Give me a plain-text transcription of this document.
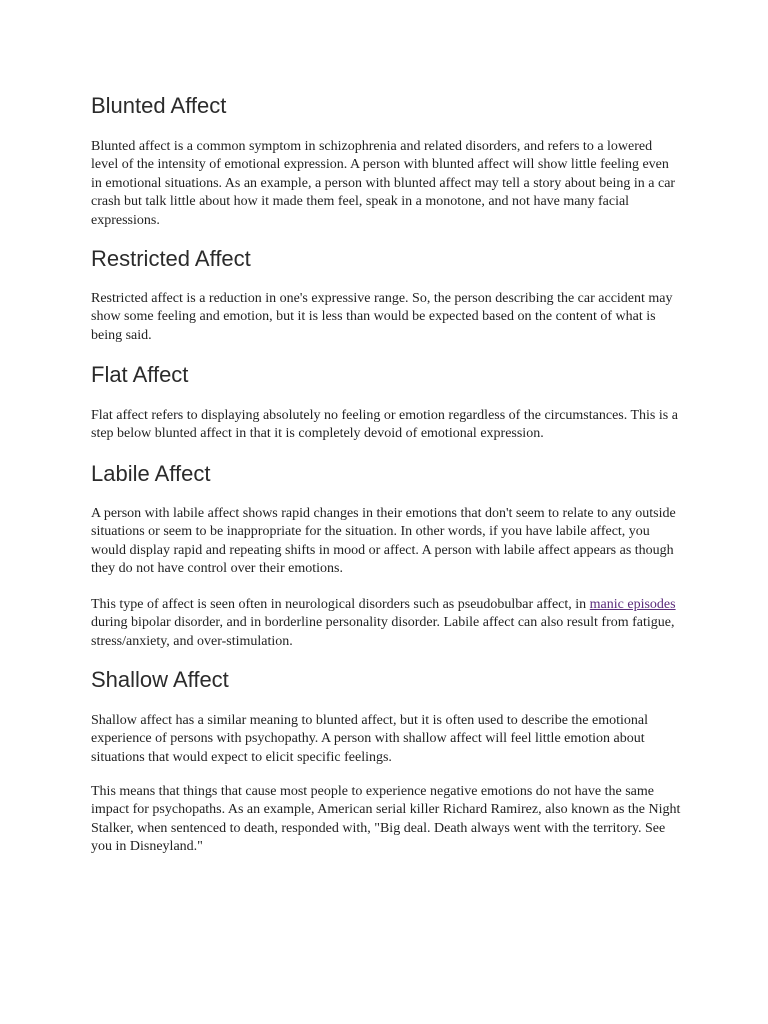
Blunted Affect

Blunted affect is a common symptom in schizophrenia and related disorders, and refers to a lowered level of the intensity of emotional expression. A person with blunted affect will show little feeling even in emotional situations. As an example, a person with blunted affect may tell a story about being in a car crash but talk little about how it made them feel, speak in a monotone, and not have many facial expressions.

Restricted Affect

Restricted affect is a reduction in one's expressive range. So, the person describing the car accident may show some feeling and emotion, but it is less than would be expected based on the content of what is being said.

Flat Affect

Flat affect refers to displaying absolutely no feeling or emotion regardless of the circumstances. This is a step below blunted affect in that it is completely devoid of emotional expression.

Labile Affect

A person with labile affect shows rapid changes in their emotions that don't seem to relate to any outside situations or seem to be inappropriate for the situation. In other words, if you have labile affect, you would display rapid and repeating shifts in mood or affect. A person with labile affect appears as though they do not have control over their emotions.

This type of affect is seen often in neurological disorders such as pseudobulbar affect, in manic episodes during bipolar disorder, and in borderline personality disorder. Labile affect can also result from fatigue, stress/anxiety, and over-stimulation.

Shallow Affect

Shallow affect has a similar meaning to blunted affect, but it is often used to describe the emotional experience of persons with psychopathy. A person with shallow affect will feel little emotion about situations that would expect to elicit specific feelings.

This means that things that cause most people to experience negative emotions do not have the same impact for psychopaths. As an example, American serial killer Richard Ramirez, also known as the Night Stalker, when sentenced to death, responded with, "Big deal. Death always went with the territory. See you in Disneyland."
